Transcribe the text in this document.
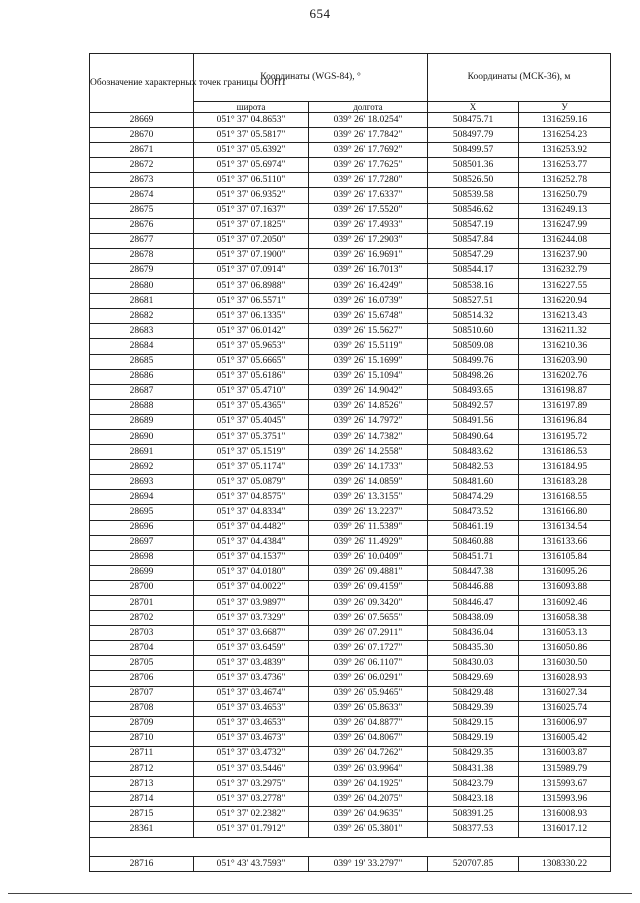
654
Обозначение характерных точек границы ООПТ	Координаты (WGS-84), °		Координаты (МСК-36), м	
	широта	долгота	X	У
28669	051° 37' 04.8653"	039° 26' 18.0254"	508475.71	1316259.16
28670	051° 37' 05.5817"	039° 26' 17.7842"	508497.79	1316254.23
28671	051° 37' 05.6392"	039° 26' 17.7692"	508499.57	1316253.92
28672	051° 37' 05.6974"	039° 26' 17.7625"	508501.36	1316253.77
28673	051° 37' 06.5110"	039° 26' 17.7280"	508526.50	1316252.78
28674	051° 37' 06.9352"	039° 26' 17.6337"	508539.58	1316250.79
28675	051° 37' 07.1637"	039° 26' 17.5520"	508546.62	1316249.13
28676	051° 37' 07.1825"	039° 26' 17.4933"	508547.19	1316247.99
28677	051° 37' 07.2050"	039° 26' 17.2903"	508547.84	1316244.08
28678	051° 37' 07.1900"	039° 26' 16.9691"	508547.29	1316237.90
28679	051° 37' 07.0914"	039° 26' 16.7013"	508544.17	1316232.79
28680	051° 37' 06.8988"	039° 26' 16.4249"	508538.16	1316227.55
28681	051° 37' 06.5571"	039° 26' 16.0739"	508527.51	1316220.94
28682	051° 37' 06.1335"	039° 26' 15.6748"	508514.32	1316213.43
28683	051° 37' 06.0142"	039° 26' 15.5627"	508510.60	1316211.32
28684	051° 37' 05.9653"	039° 26' 15.5119"	508509.08	1316210.36
28685	051° 37' 05.6665"	039° 26' 15.1699"	508499.76	1316203.90
28686	051° 37' 05.6186"	039° 26' 15.1094"	508498.26	1316202.76
28687	051° 37' 05.4710"	039° 26' 14.9042"	508493.65	1316198.87
28688	051° 37' 05.4365"	039° 26' 14.8526"	508492.57	1316197.89
28689	051° 37' 05.4045"	039° 26' 14.7972"	508491.56	1316196.84
28690	051° 37' 05.3751"	039° 26' 14.7382"	508490.64	1316195.72
28691	051° 37' 05.1519"	039° 26' 14.2558"	508483.62	1316186.53
28692	051° 37' 05.1174"	039° 26' 14.1733"	508482.53	1316184.95
28693	051° 37' 05.0879"	039° 26' 14.0859"	508481.60	1316183.28
28694	051° 37' 04.8575"	039° 26' 13.3155"	508474.29	1316168.55
28695	051° 37' 04.8334"	039° 26' 13.2237"	508473.52	1316166.80
28696	051° 37' 04.4482"	039° 26' 11.5389"	508461.19	1316134.54
28697	051° 37' 04.4384"	039° 26' 11.4929"	508460.88	1316133.66
28698	051° 37' 04.1537"	039° 26' 10.0409"	508451.71	1316105.84
28699	051° 37' 04.0180"	039° 26' 09.4881"	508447.38	1316095.26
28700	051° 37' 04.0022"	039° 26' 09.4159"	508446.88	1316093.88
28701	051° 37' 03.9897"	039° 26' 09.3420"	508446.47	1316092.46
28702	051° 37' 03.7329"	039° 26' 07.5655"	508438.09	1316058.38
28703	051° 37' 03.6687"	039° 26' 07.2911"	508436.04	1316053.13
28704	051° 37' 03.6459"	039° 26' 07.1727"	508435.30	1316050.86
28705	051° 37' 03.4839"	039° 26' 06.1107"	508430.03	1316030.50
28706	051° 37' 03.4736"	039° 26' 06.0291"	508429.69	1316028.93
28707	051° 37' 03.4674"	039° 26' 05.9465"	508429.48	1316027.34
28708	051° 37' 03.4653"	039° 26' 05.8633"	508429.39	1316025.74
28709	051° 37' 03.4653"	039° 26' 04.8877"	508429.15	1316006.97
28710	051° 37' 03.4673"	039° 26' 04.8067"	508429.19	1316005.42
28711	051° 37' 03.4732"	039° 26' 04.7262"	508429.35	1316003.87
28712	051° 37' 03.5446"	039° 26' 03.9964"	508431.38	1315989.79
28713	051° 37' 03.2975"	039° 26' 04.1925"	508423.79	1315993.67
28714	051° 37' 03.2778"	039° 26' 04.2075"	508423.18	1315993.96
28715	051° 37' 02.2382"	039° 26' 04.9635"	508391.25	1316008.93
28361	051° 37' 01.7912"	039° 26' 05.3801"	508377.53	1316017.12

28716	051° 43' 43.7593"	039° 19' 33.2797"	520707.85	1308330.22
